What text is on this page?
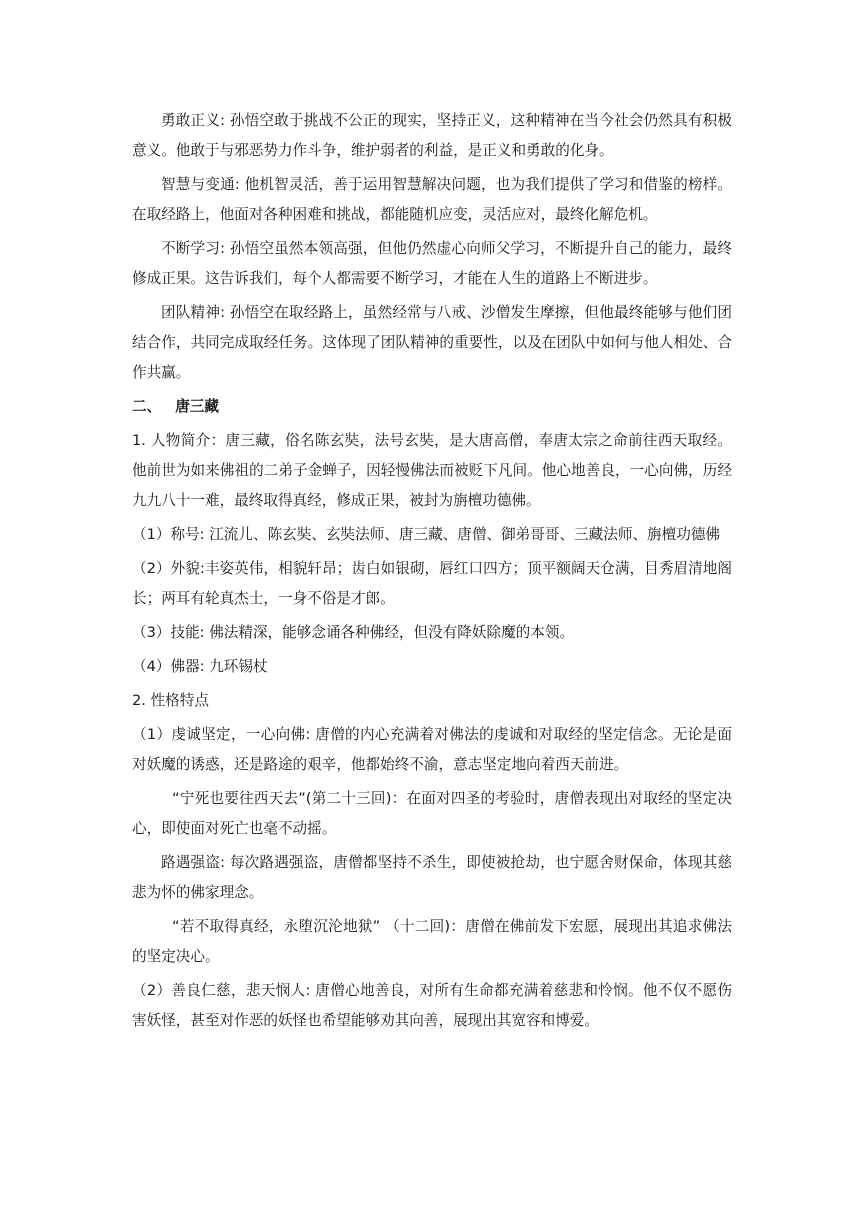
勇敢正义: 孙悟空敢于挑战不公正的现实，坚持正义，这种精神在当今社会仍然具有积极意义。他敢于与邪恶势力作斗争，维护弱者的利益，是正义和勇敢的化身。

智慧与变通: 他机智灵活，善于运用智慧解决问题，也为我们提供了学习和借鉴的榜样。在取经路上，他面对各种困难和挑战，都能随机应变，灵活应对，最终化解危机。

不断学习: 孙悟空虽然本领高强，但他仍然虚心向师父学习，不断提升自己的能力，最终修成正果。这告诉我们，每个人都需要不断学习，才能在人生的道路上不断进步。

团队精神: 孙悟空在取经路上，虽然经常与八戒、沙僧发生摩擦，但他最终能够与他们团结合作，共同完成取经任务。这体现了团队精神的重要性，以及在团队中如何与他人相处、合作共赢。

二、 唐三藏

1. 人物简介：唐三藏，俗名陈玄奘，法号玄奘，是大唐高僧，奉唐太宗之命前往西天取经。他前世为如来佛祖的二弟子金蝉子，因轻慢佛法而被贬下凡间。他心地善良，一心向佛，历经九九八十一难，最终取得真经，修成正果，被封为旃檀功德佛。

（1）称号: 江流儿、陈玄奘、玄奘法师、唐三藏、唐僧、御弟哥哥、三藏法师、旃檀功德佛

（2）外貌:丰姿英伟，相貌轩昂；齿白如银砌，唇红口四方；顶平额阔天仓满，目秀眉清地阁长；两耳有轮真杰士，一身不俗是才郎。

（3）技能: 佛法精深，能够念诵各种佛经，但没有降妖除魔的本领。

（4）佛器: 九环锡杖

2. 性格特点

（1）虔诚坚定，一心向佛: 唐僧的内心充满着对佛法的虔诚和对取经的坚定信念。无论是面对妖魔的诱惑，还是路途的艰辛，他都始终不渝，意志坚定地向着西天前进。

“宁死也要往西天去”(第二十三回)：在面对四圣的考验时，唐僧表现出对取经的坚定决心，即使面对死亡也毫不动摇。

路遇强盗: 每次路遇强盗，唐僧都坚持不杀生，即使被抢劫，也宁愿舍财保命，体现其慈悲为怀的佛家理念。

“若不取得真经，永堕沉沦地狱” （十二回)：唐僧在佛前发下宏愿，展现出其追求佛法的坚定决心。

（2）善良仁慈，悲天悯人: 唐僧心地善良，对所有生命都充满着慈悲和怜悯。他不仅不愿伤害妖怪，甚至对作恶的妖怪也希望能够劝其向善，展现出其宽容和博爱。
